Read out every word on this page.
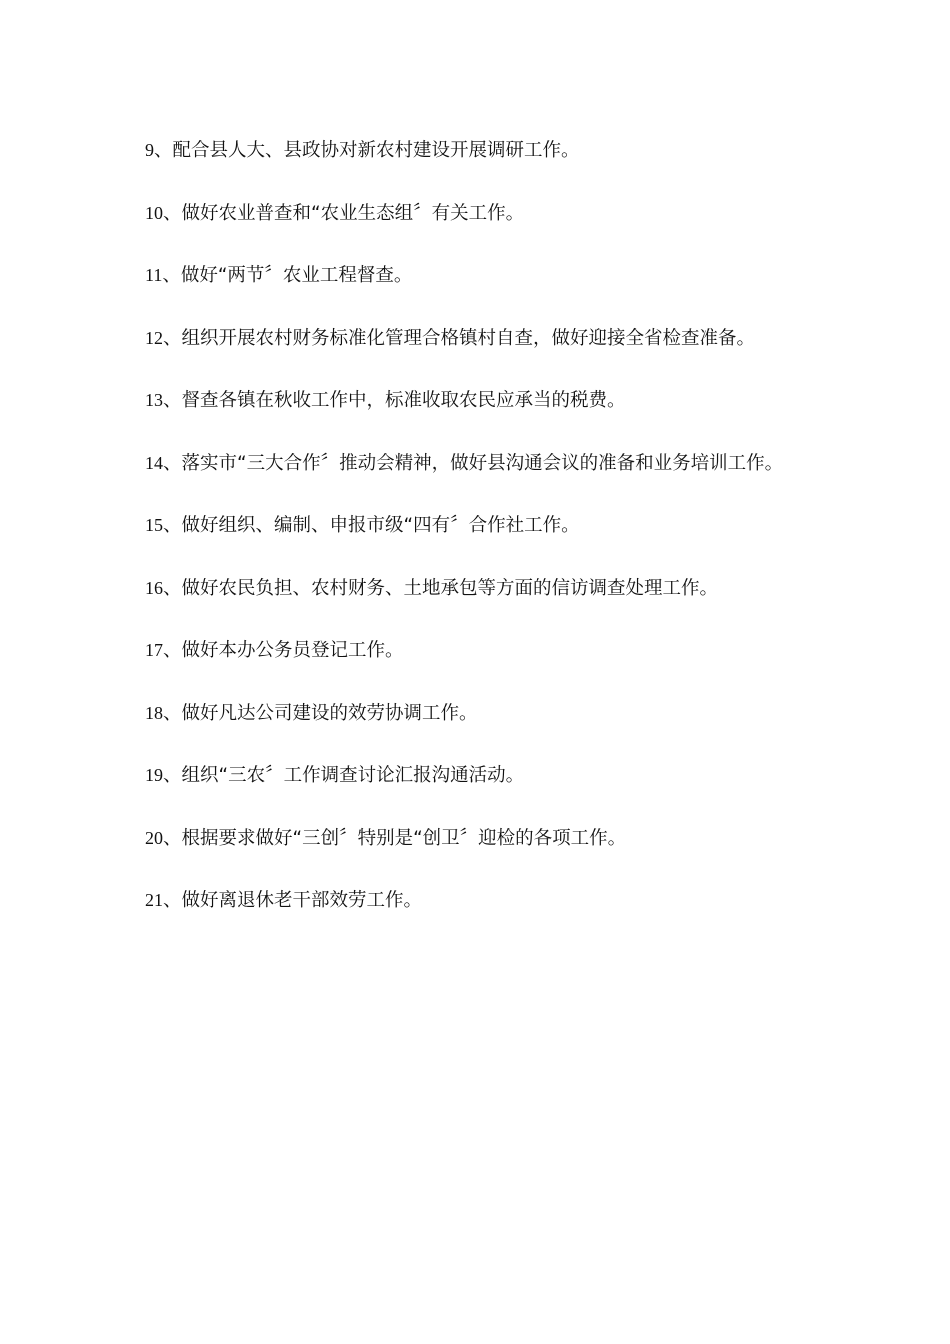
9、配合县人大、县政协对新农村建设开展调研工作。
10、做好农业普查和“农业生态组〞有关工作。
11、做好“两节〞农业工程督查。
12、组织开展农村财务标准化管理合格镇村自查，做好迎接全省检查准备。
13、督查各镇在秋收工作中，标准收取农民应承当的税费。
14、落实市“三大合作〞推动会精神，做好县沟通会议的准备和业务培训工作。
15、做好组织、编制、申报市级“四有〞合作社工作。
16、做好农民负担、农村财务、土地承包等方面的信访调查处理工作。
17、做好本办公务员登记工作。
18、做好凡达公司建设的效劳协调工作。
19、组织“三农〞工作调查讨论汇报沟通活动。
20、根据要求做好“三创〞特别是“创卫〞迎检的各项工作。
21、做好离退休老干部效劳工作。
